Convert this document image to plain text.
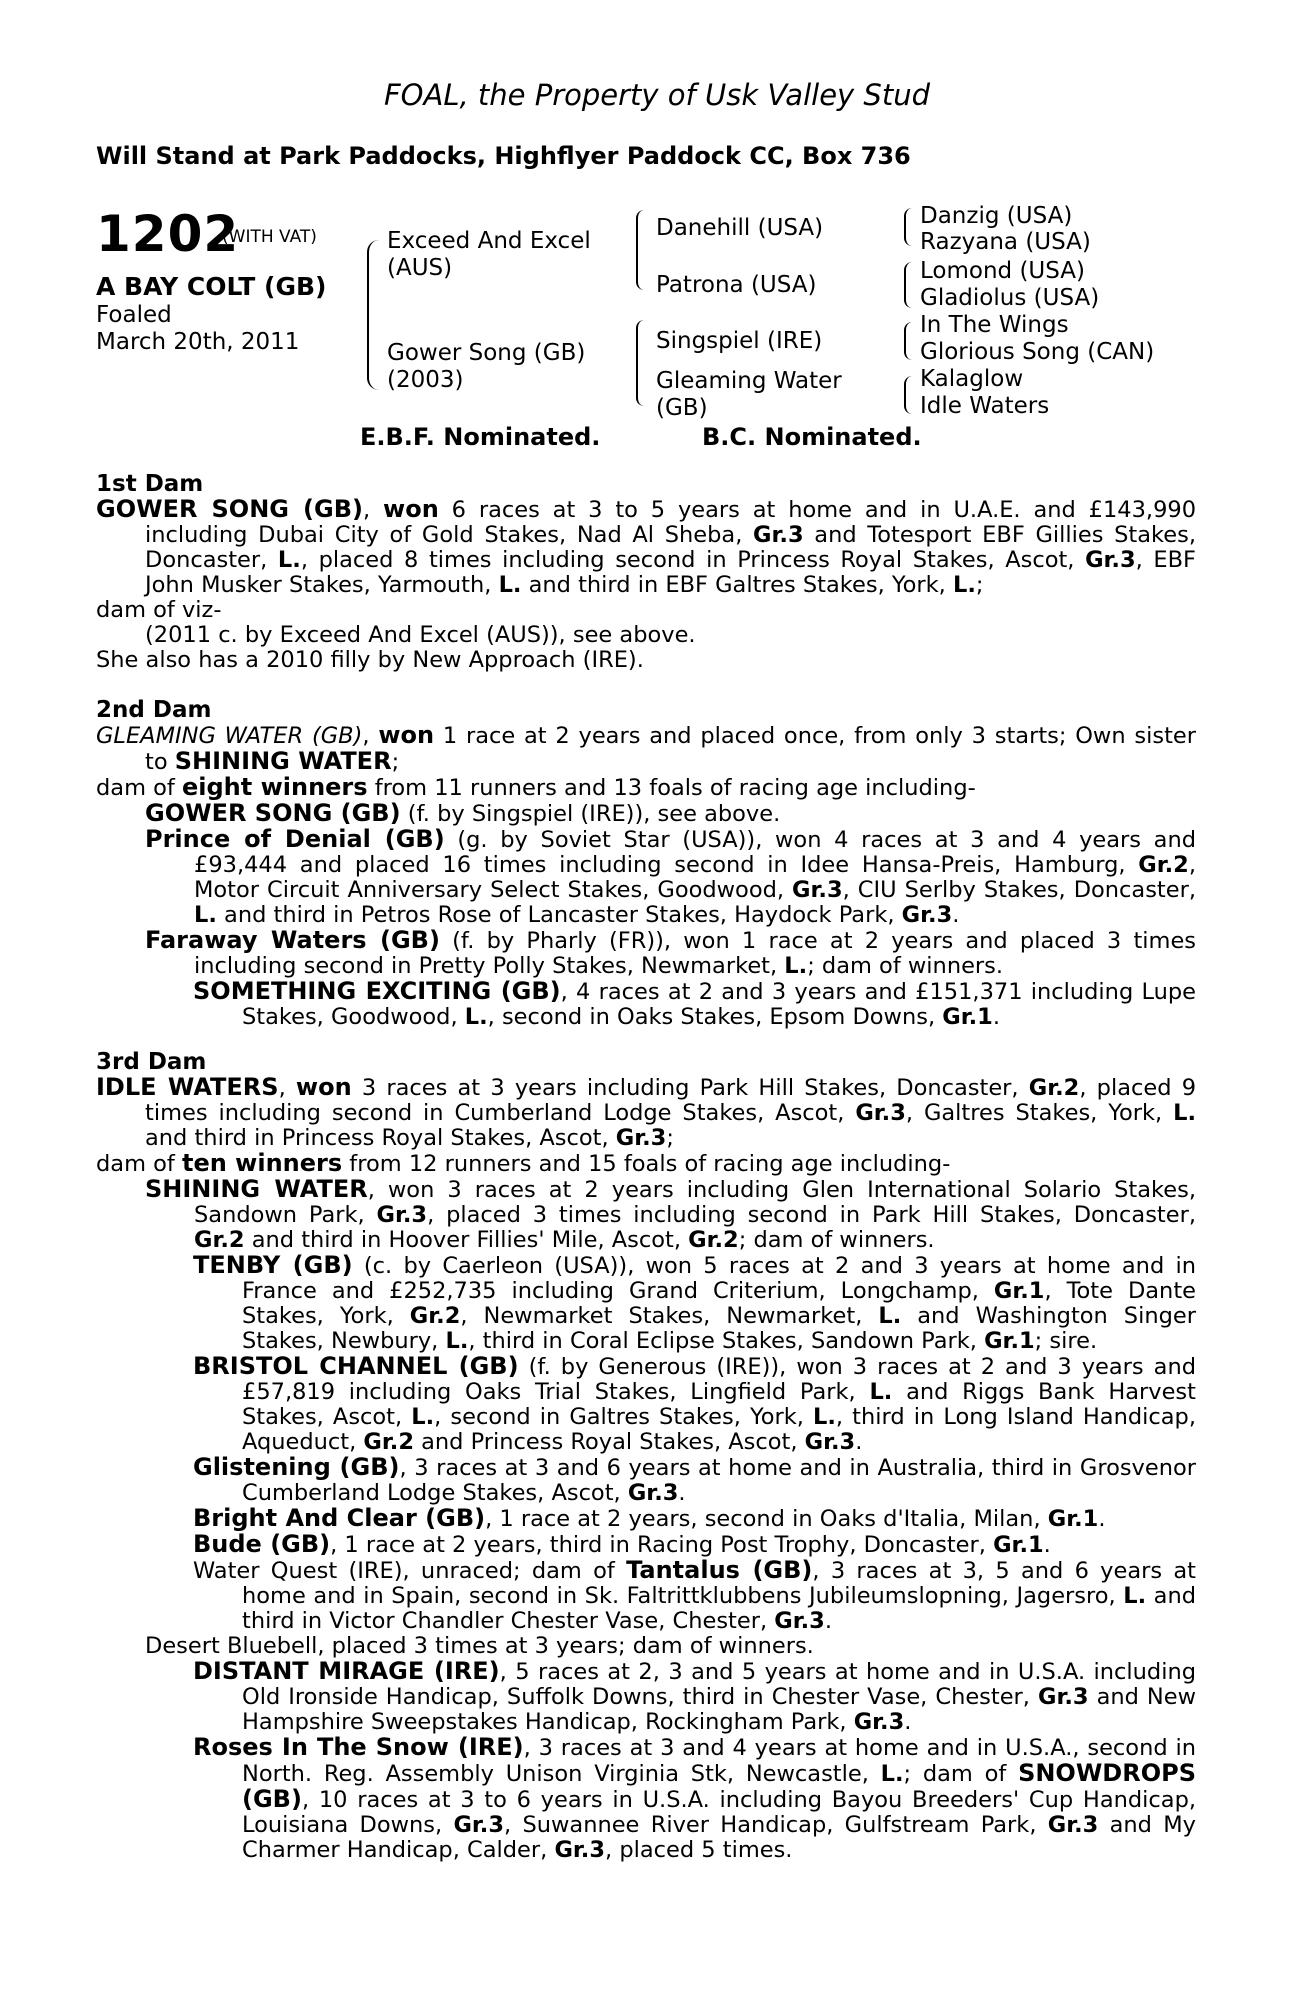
FOAL, the Property of Usk Valley Stud
Will Stand at Park Paddocks, Highflyer Paddock CC, Box 736
1202
(WITH VAT)
A BAY COLT (GB)
Foaled
March 20th, 2011
Exceed And Excel
(AUS)
Gower Song (GB)
(2003)
Danehill (USA)
Patrona (USA)
Singspiel (IRE)
Gleaming Water
(GB)
Danzig (USA)
Razyana (USA)
Lomond (USA)
Gladiolus (USA)
In The Wings
Glorious Song (CAN)
Kalaglow
Idle Waters
E.B.F. Nominated.	B.C. Nominated.
1st Dam

GOWER SONG (GB), won 6 races at 3 to 5 years at home and in U.A.E. and £143,990 including Dubai City of Gold Stakes, Nad Al Sheba, Gr.3 and Totesport EBF Gillies Stakes, Doncaster, L., placed 8 times including second in Princess Royal Stakes, Ascot, Gr.3, EBF John Musker Stakes, Yarmouth, L. and third in EBF Galtres Stakes, York, L.;

dam of viz-

(2011 c. by Exceed And Excel (AUS)), see above.

She also has a 2010 filly by New Approach (IRE).

2nd Dam

GLEAMING WATER (GB), won 1 race at 2 years and placed once, from only 3 starts; Own sister to SHINING WATER;

dam of eight winners from 11 runners and 13 foals of racing age including-

GOWER SONG (GB) (f. by Singspiel (IRE)), see above.

Prince of Denial (GB) (g. by Soviet Star (USA)), won 4 races at 3 and 4 years and £93,444 and placed 16 times including second in Idee Hansa-Preis, Hamburg, Gr.2, Motor Circuit Anniversary Select Stakes, Goodwood, Gr.3, CIU Serlby Stakes, Doncaster, L. and third in Petros Rose of Lancaster Stakes, Haydock Park, Gr.3.

Faraway Waters (GB) (f. by Pharly (FR)), won 1 race at 2 years and placed 3 times including second in Pretty Polly Stakes, Newmarket, L.; dam of winners.

SOMETHING EXCITING (GB), 4 races at 2 and 3 years and £151,371 including Lupe Stakes, Goodwood, L., second in Oaks Stakes, Epsom Downs, Gr.1.

3rd Dam

IDLE WATERS, won 3 races at 3 years including Park Hill Stakes, Doncaster, Gr.2, placed 9 times including second in Cumberland Lodge Stakes, Ascot, Gr.3, Galtres Stakes, York, L. and third in Princess Royal Stakes, Ascot, Gr.3;

dam of ten winners from 12 runners and 15 foals of racing age including-

SHINING WATER, won 3 races at 2 years including Glen International Solario Stakes, Sandown Park, Gr.3, placed 3 times including second in Park Hill Stakes, Doncaster, Gr.2 and third in Hoover Fillies' Mile, Ascot, Gr.2; dam of winners.

TENBY (GB) (c. by Caerleon (USA)), won 5 races at 2 and 3 years at home and in France and £252,735 including Grand Criterium, Longchamp, Gr.1, Tote Dante Stakes, York, Gr.2, Newmarket Stakes, Newmarket, L. and Washington Singer Stakes, Newbury, L., third in Coral Eclipse Stakes, Sandown Park, Gr.1; sire.

BRISTOL CHANNEL (GB) (f. by Generous (IRE)), won 3 races at 2 and 3 years and £57,819 including Oaks Trial Stakes, Lingfield Park, L. and Riggs Bank Harvest Stakes, Ascot, L., second in Galtres Stakes, York, L., third in Long Island Handicap, Aqueduct, Gr.2 and Princess Royal Stakes, Ascot, Gr.3.

Glistening (GB), 3 races at 3 and 6 years at home and in Australia, third in Grosvenor Cumberland Lodge Stakes, Ascot, Gr.3.

Bright And Clear (GB), 1 race at 2 years, second in Oaks d'Italia, Milan, Gr.1.

Bude (GB), 1 race at 2 years, third in Racing Post Trophy, Doncaster, Gr.1.

Water Quest (IRE), unraced; dam of Tantalus (GB), 3 races at 3, 5 and 6 years at home and in Spain, second in Sk. Faltrittklubbens Jubileumslopning, Jagersro, L. and third in Victor Chandler Chester Vase, Chester, Gr.3.

Desert Bluebell, placed 3 times at 3 years; dam of winners.

DISTANT MIRAGE (IRE), 5 races at 2, 3 and 5 years at home and in U.S.A. including Old Ironside Handicap, Suffolk Downs, third in Chester Vase, Chester, Gr.3 and New Hampshire Sweepstakes Handicap, Rockingham Park, Gr.3.

Roses In The Snow (IRE), 3 races at 3 and 4 years at home and in U.S.A., second in North. Reg. Assembly Unison Virginia Stk, Newcastle, L.; dam of SNOWDROPS (GB), 10 races at 3 to 6 years in U.S.A. including Bayou Breeders' Cup Handicap, Louisiana Downs, Gr.3, Suwannee River Handicap, Gulfstream Park, Gr.3 and My Charmer Handicap, Calder, Gr.3, placed 5 times.
